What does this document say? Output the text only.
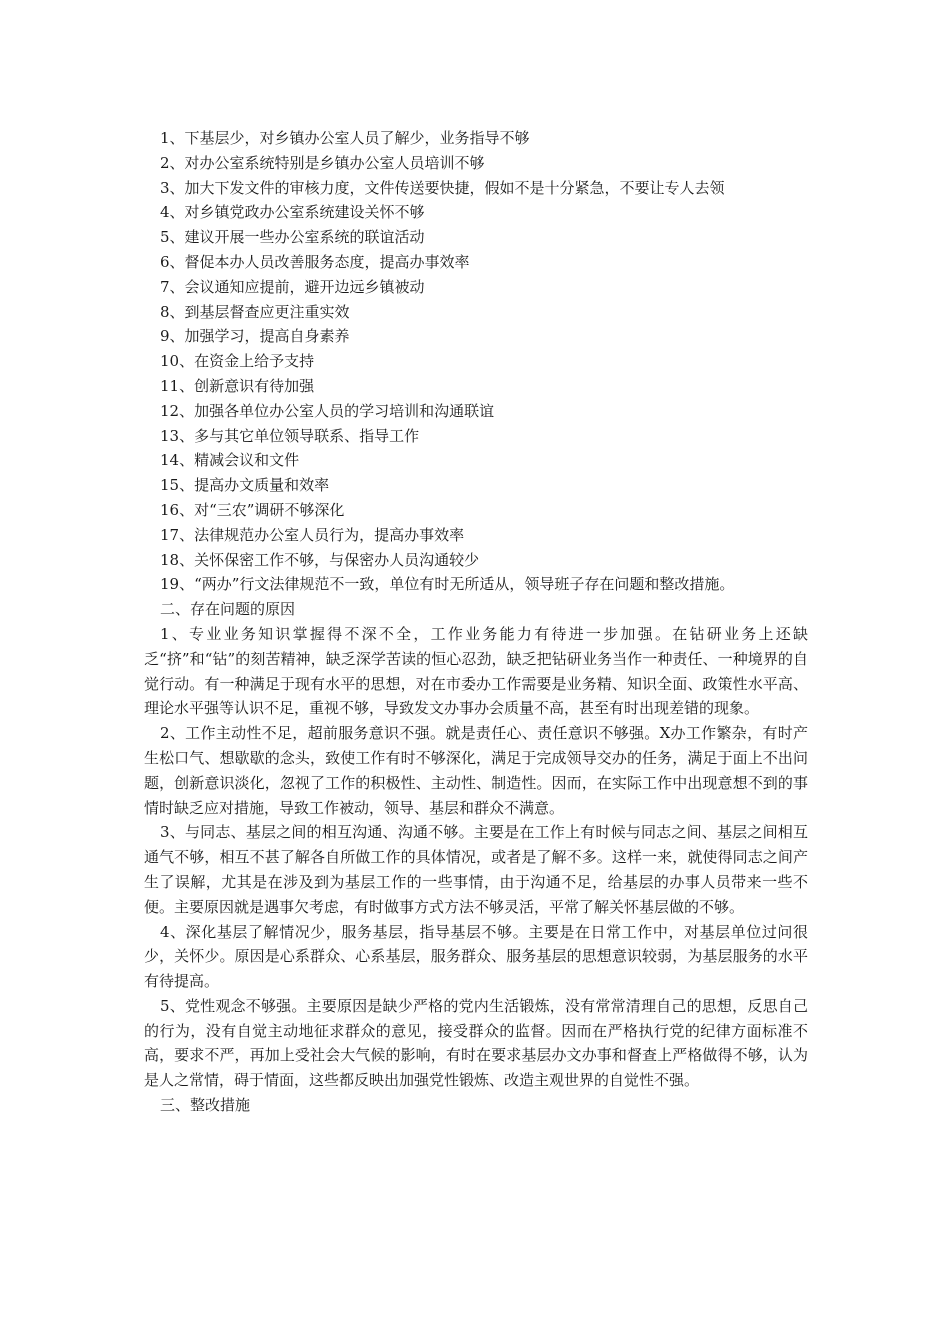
1、下基层少，对乡镇办公室人员了解少，业务指导不够

2、对办公室系统特别是乡镇办公室人员培训不够

3、加大下发文件的审核力度，文件传送要快捷，假如不是十分紧急，不要让专人去领

4、对乡镇党政办公室系统建设关怀不够

5、建议开展一些办公室系统的联谊活动

6、督促本办人员改善服务态度，提高办事效率

7、会议通知应提前，避开边远乡镇被动

8、到基层督查应更注重实效

9、加强学习，提高自身素养

10、在资金上给予支持

11、创新意识有待加强

12、加强各单位办公室人员的学习培训和沟通联谊

13、多与其它单位领导联系、指导工作

14、精减会议和文件

15、提高办文质量和效率

16、对“三农”调研不够深化

17、法律规范办公室人员行为，提高办事效率

18、关怀保密工作不够，与保密办人员沟通较少

19、“两办”行文法律规范不一致，单位有时无所适从，领导班子存在问题和整改措施。

二、存在问题的原因

1、专业业务知识掌握得不深不全，工作业务能力有待进一步加强。在钻研业务上还缺乏“挤”和“钻”的刻苦精神，缺乏深学苦读的恒心忍劲，缺乏把钻研业务当作一种责任、一种境界的自觉行动。有一种满足于现有水平的思想，对在市委办工作需要是业务精、知识全面、政策性水平高、理论水平强等认识不足，重视不够，导致发文办事办会质量不高，甚至有时出现差错的现象。

2、工作主动性不足，超前服务意识不强。就是责任心、责任意识不够强。X办工作繁杂，有时产生松口气、想歇歇的念头，致使工作有时不够深化，满足于完成领导交办的任务，满足于面上不出问题，创新意识淡化，忽视了工作的积极性、主动性、制造性。因而，在实际工作中出现意想不到的事情时缺乏应对措施，导致工作被动，领导、基层和群众不满意。

3、与同志、基层之间的相互沟通、沟通不够。主要是在工作上有时候与同志之间、基层之间相互通气不够，相互不甚了解各自所做工作的具体情况，或者是了解不多。这样一来，就使得同志之间产生了误解，尤其是在涉及到为基层工作的一些事情，由于沟通不足，给基层的办事人员带来一些不便。主要原因就是遇事欠考虑，有时做事方式方法不够灵活，平常了解关怀基层做的不够。

4、深化基层了解情况少，服务基层，指导基层不够。主要是在日常工作中，对基层单位过问很少，关怀少。原因是心系群众、心系基层，服务群众、服务基层的思想意识较弱，为基层服务的水平有待提高。

5、党性观念不够强。主要原因是缺少严格的党内生活锻炼，没有常常清理自己的思想，反思自己的行为，没有自觉主动地征求群众的意见，接受群众的监督。因而在严格执行党的纪律方面标准不高，要求不严，再加上受社会大气候的影响，有时在要求基层办文办事和督查上严格做得不够，认为是人之常情，碍于情面，这些都反映出加强党性锻炼、改造主观世界的自觉性不强。

三、整改措施
